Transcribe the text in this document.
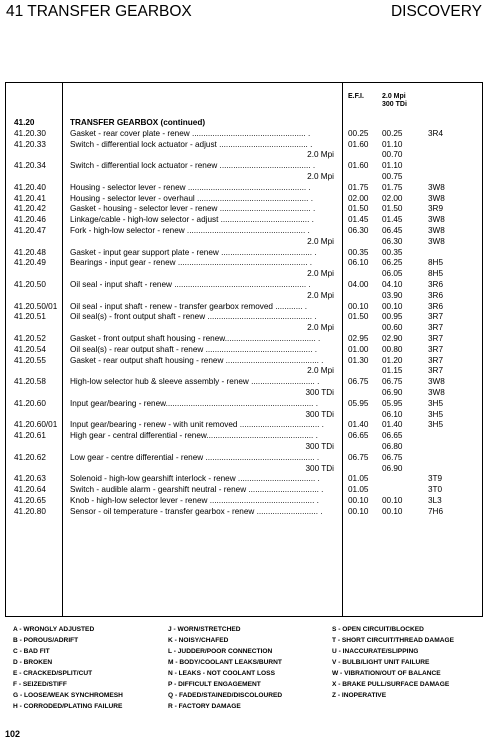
41 TRANSFER GEARBOX	DISCOVERY
E.F.I.	2.0 Mpi
300 TDi
41.20	TRANSFER GEARBOX (continued)
41.20.30	Gasket - rear cover plate - renew .................................................. .	00.25 00.25	3R4
41.20.33	Switch - differential lock actuator - adjust ....................................... .	01.60 01.10
2.0 Mpi	00.70
41.20.34	Switch - differential lock actuator - renew ........................................ .	01.60 01.10
2.0 Mpi	00.75
41.20.40	Housing - selector lever - renew .................................................... .	01.75 01.75	3W8
41.20.41	Housing - selector lever - overhaul ................................................. .	02.00 02.00	3W8
41.20.42	Gasket - housing - selector lever - renew ........................................ .	01.50 01.50	3R9
41.20.46	Linkage/cable - high-low selector - adjust ....................................... .	01.45 01.45	3W8
41.20.47	Fork - high-low selector - renew .................................................... .	06.30 06.45	3W8
2.0 Mpi	06.30	3W8
41.20.48	Gasket - input gear support plate - renew ........................................ .	00.35 00.35
41.20.49	Bearings - input gear - renew ......................................................... .	06.10 06.25	8H5
2.0 Mpi	06.05	8H5
41.20.50	Oil seal - input shaft - renew .......................................................... .	04.00 04.10	3R6
2.0 Mpi	03.90	3R6
41.20.50/01 Oil seal - input shaft - renew - transfer gearbox removed ............ .	00.10 00.10	3R6
41.20.51	Oil seal(s) - front output shaft - renew .............................................. .	01.50 00.95	3R7
2.0 Mpi	00.60	3R7
41.20.52	Gasket - front output shaft housing - renew........................................ .	02.95 02.90	3R7
41.20.54	Oil seal(s) - rear output shaft - renew ............................................... .	01.00 00.80	3R7
41.20.55	Gasket - rear output shaft housing - renew ......................................... .	01.30 01.20	3R7
2.0 Mpi	01.15	3R7
41.20.58	High-low selector hub & sleeve assembly - renew ............................ .	06.75 06.75	3W8
300 TDi	06.90	3W8
41.20.60	Input gear/bearing - renew................................................................. .	05.95 05.95	3H5
300 TDi	06.10	3H5
41.20.60/01 Input gear/bearing - renew - with unit removed ................................... .	01.40 01.40	3H5
41.20.61	High gear - central differential - renew............................................... .	06.65 06.65
300 TDi	06.80
41.20.62	Low gear - centre differential - renew ................................................ .	06.75 06.75
300 TDi	06.90
41.20.63	Solenoid - high-low gearshift interlock - renew .................................. .	01.05	3T9
41.20.64	Switch - audible alarm - gearshift neutral - renew ............................... .	01.05	3T0
41.20.65	Knob - high-low selector lever - renew .............................................. .	00.10 00.10	3L3
41.20.80	Sensor - oil temperature - transfer gearbox - renew ........................... .	00.10 00.10	7H6
A - WRONGLY ADJUSTED
B - POROUS/ADRIFT
C - BAD FIT
D - BROKEN
E - CRACKED/SPLIT/CUT
F - SEIZED/STIFF
G - LOOSE/WEAK SYNCHROMESH
H - CORRODED/PLATING FAILURE
J - WORN/STRETCHED
K - NOISY/CHAFED
L - JUDDER/POOR CONNECTION
M - BODY/COOLANT LEAKS/BURNT
N - LEAKS - NOT COOLANT LOSS
P - DIFFICULT ENGAGEMENT
Q - FADED/STAINED/DISCOLOURED
R - FACTORY DAMAGE
S - OPEN CIRCUIT/BLOCKED
T - SHORT CIRCUIT/THREAD DAMAGE
U - INACCURATE/SLIPPING
V - BULB/LIGHT UNIT FAILURE
W - VIBRATION/OUT OF BALANCE
X - BRAKE PULL/SURFACE DAMAGE
Z - INOPERATIVE
102
